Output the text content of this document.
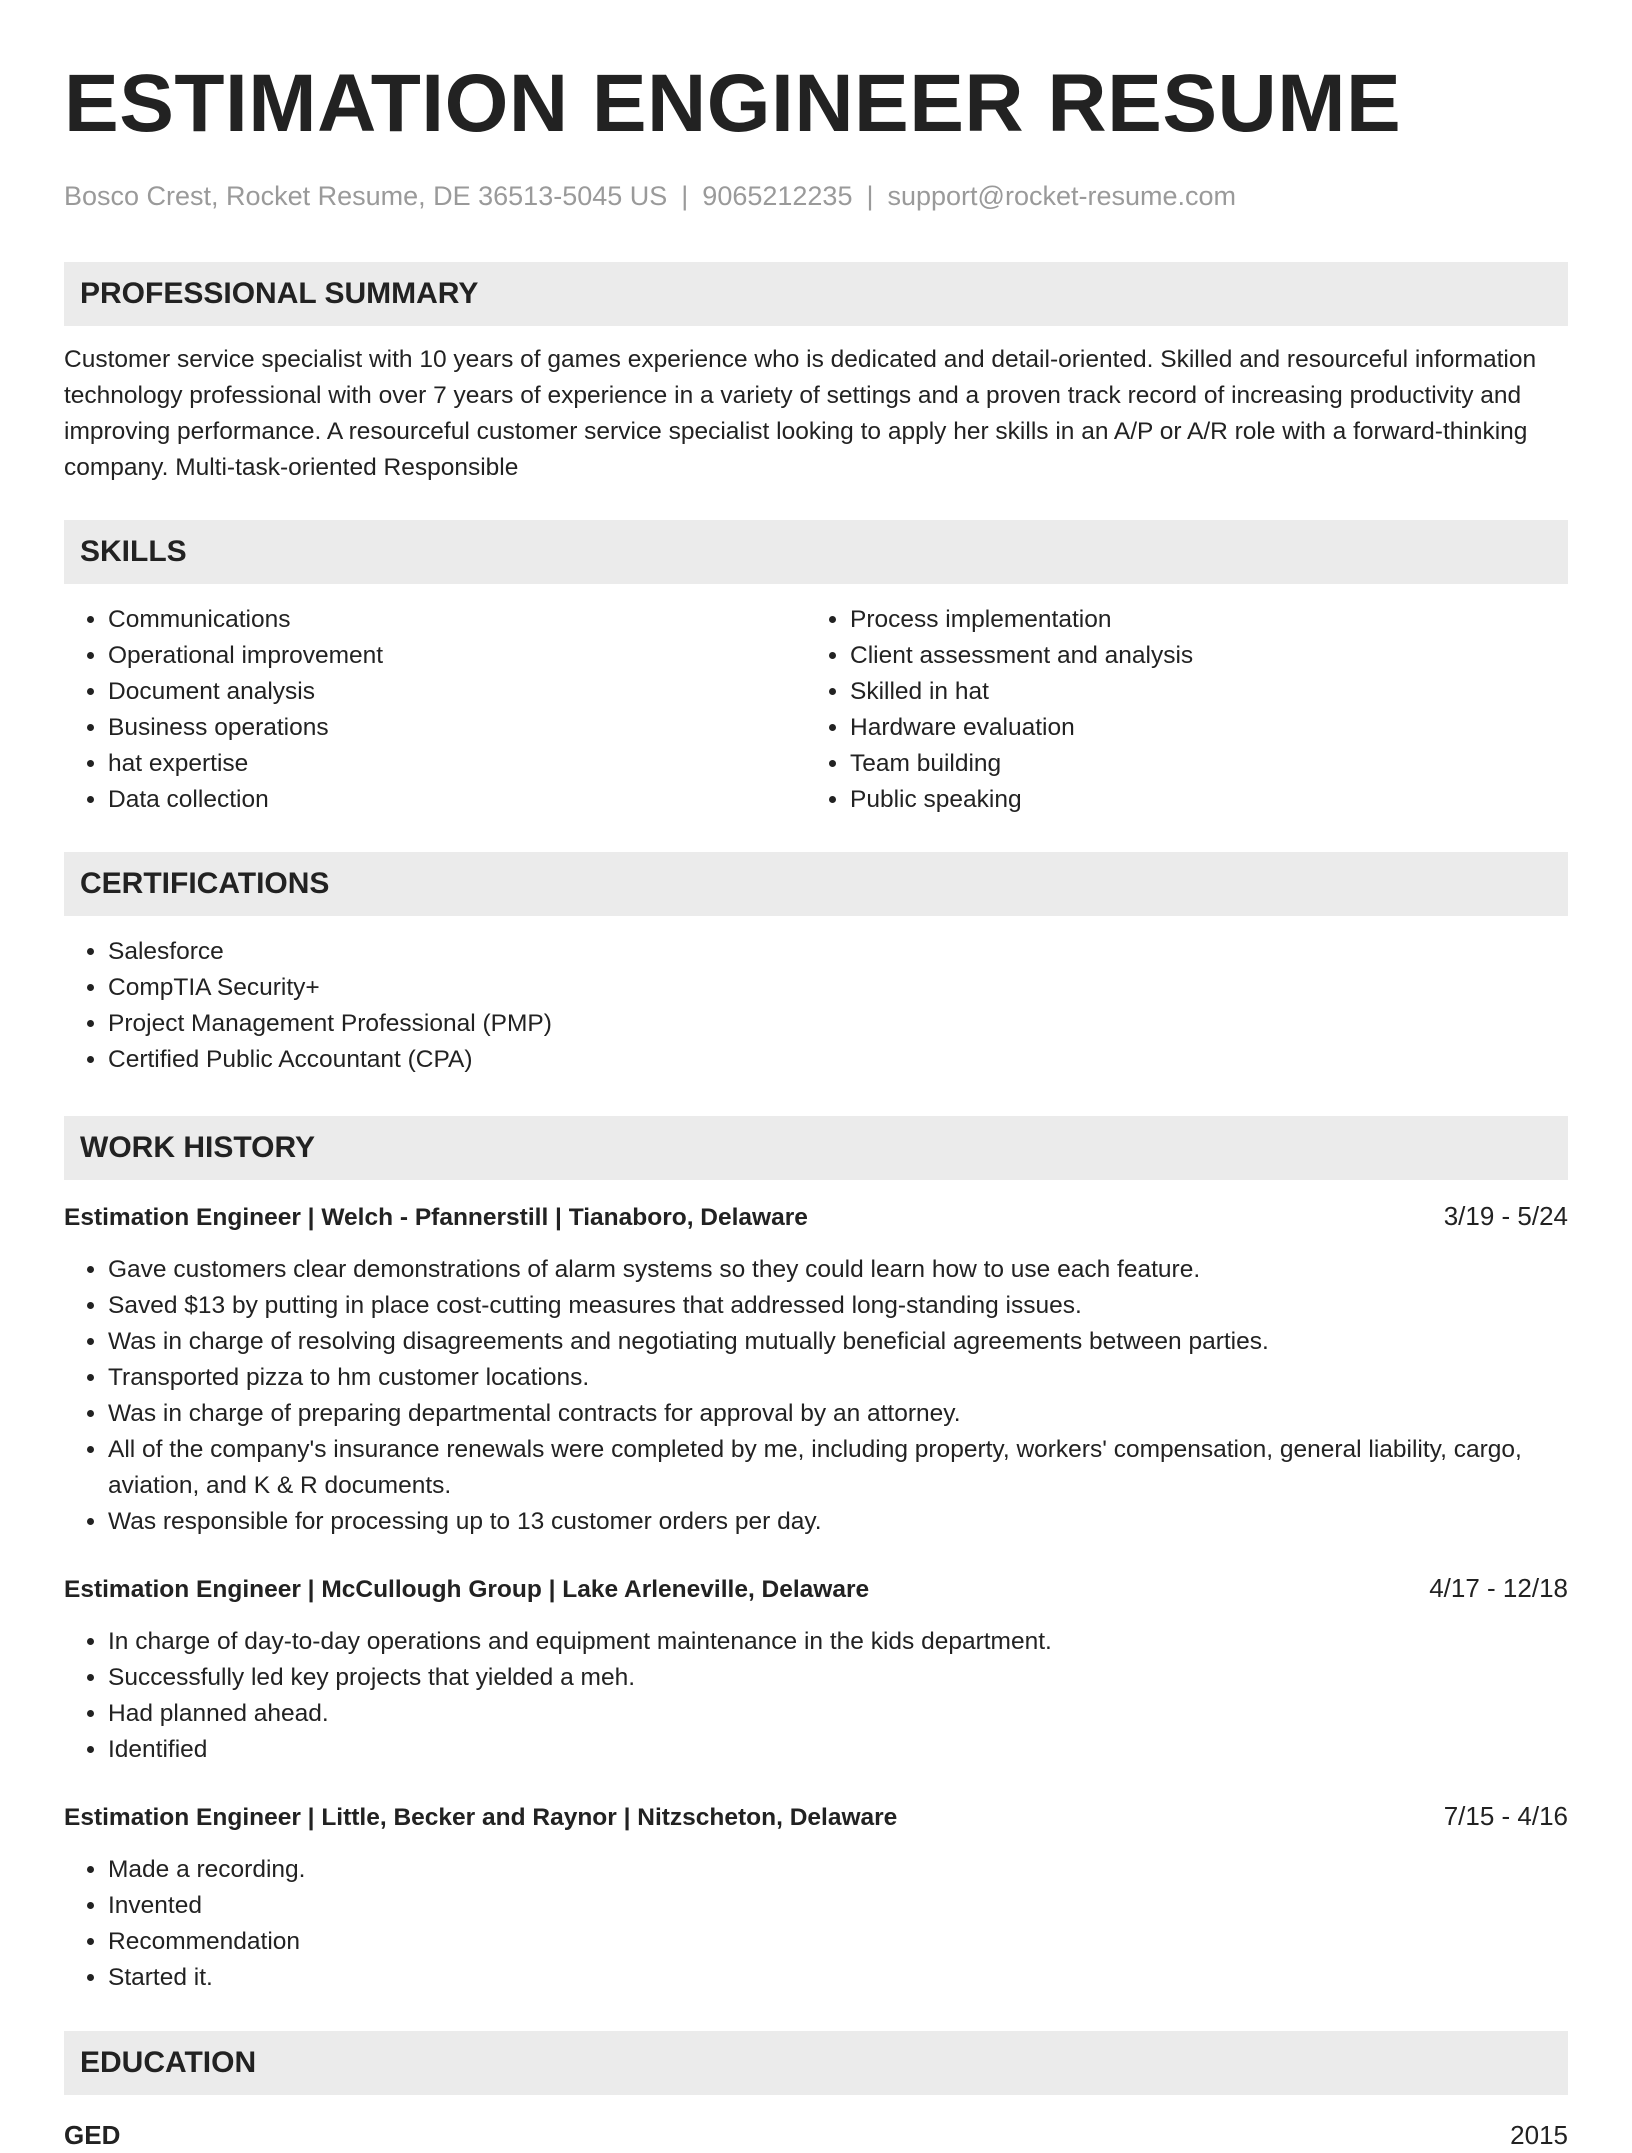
ESTIMATION ENGINEER RESUME
Bosco Crest, Rocket Resume, DE 36513-5045 US | 9065212235 | support@rocket-resume.com
PROFESSIONAL SUMMARY

Customer service specialist with 10 years of games experience who is dedicated and detail-oriented. Skilled and resourceful information technology professional with over 7 years of experience in a variety of settings and a proven track record of increasing productivity and improving performance. A resourceful customer service specialist looking to apply her skills in an A/P or A/R role with a forward-thinking company. Multi-task-oriented Responsible

SKILLS
• Communications
• Operational improvement
• Document analysis
• Business operations
• hat expertise
• Data collection
• Process implementation
• Client assessment and analysis
• Skilled in hat
• Hardware evaluation
• Team building
• Public speaking
CERTIFICATIONS
• Salesforce
• CompTIA Security+
• Project Management Professional (PMP)
• Certified Public Accountant (CPA)
WORK HISTORY
Estimation Engineer | Welch - Pfannerstill | Tianaboro, Delaware	3/19 - 5/24
• Gave customers clear demonstrations of alarm systems so they could learn how to use each feature.
• Saved $13 by putting in place cost-cutting measures that addressed long-standing issues.
• Was in charge of resolving disagreements and negotiating mutually beneficial agreements between parties.
• Transported pizza to hm customer locations.
• Was in charge of preparing departmental contracts for approval by an attorney.
• All of the company's insurance renewals were completed by me, including property, workers' compensation, general liability, cargo, aviation, and K & R documents.
• Was responsible for processing up to 13 customer orders per day.
Estimation Engineer | McCullough Group | Lake Arleneville, Delaware	4/17 - 12/18
• In charge of day-to-day operations and equipment maintenance in the kids department.
• Successfully led key projects that yielded a meh.
• Had planned ahead.
• Identified
Estimation Engineer | Little, Becker and Raynor | Nitzscheton, Delaware	7/15 - 4/16
• Made a recording.
• Invented
• Recommendation
• Started it.
EDUCATION
GED	2015
